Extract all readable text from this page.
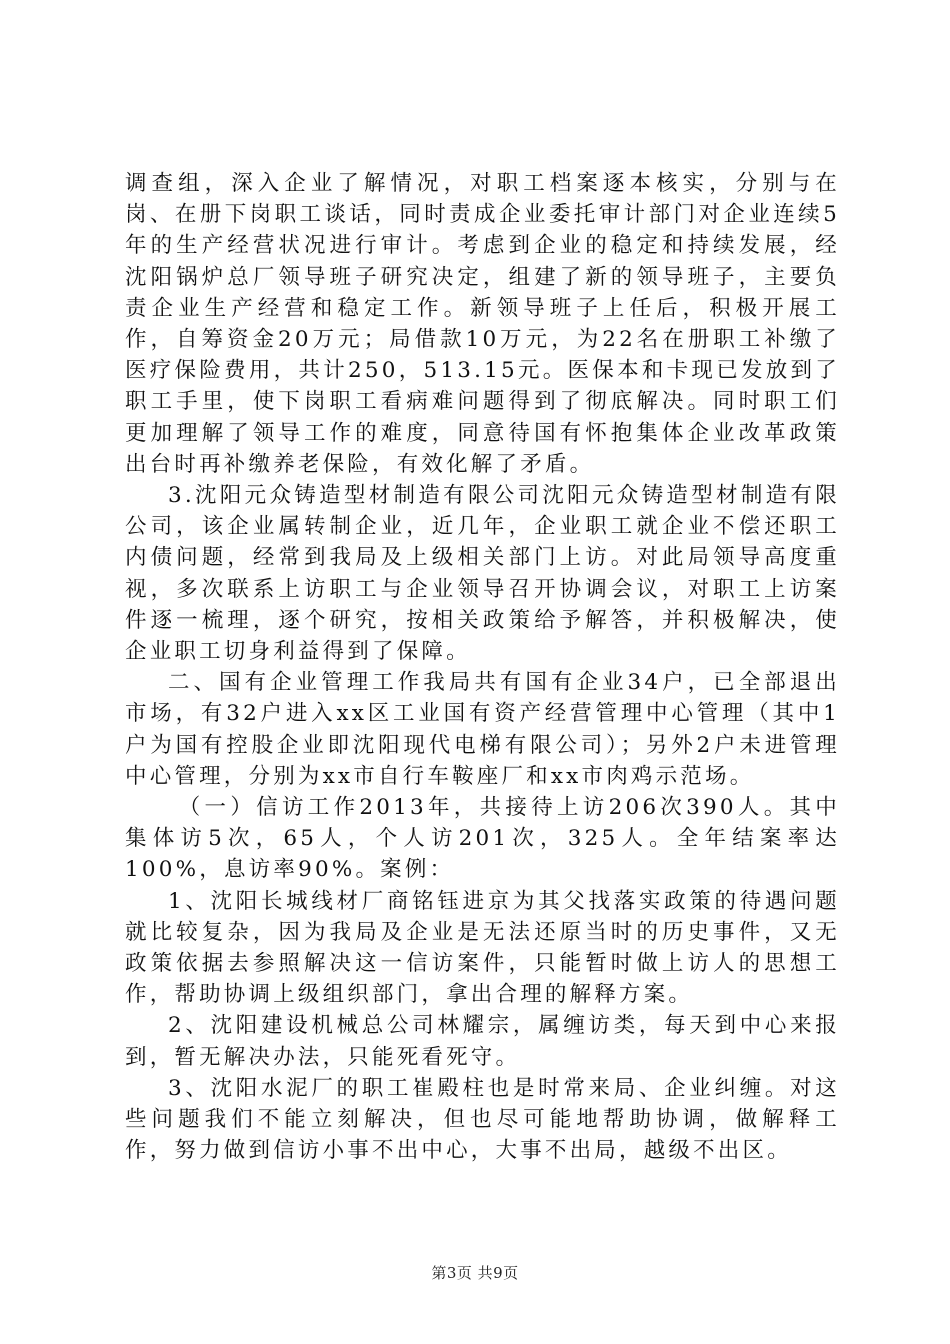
调查组，深入企业了解情况，对职工档案逐本核实，分别与在岗、在册下岗职工谈话，同时责成企业委托审计部门对企业连续5年的生产经营状况进行审计。考虑到企业的稳定和持续发展，经沈阳锅炉总厂领导班子研究决定，组建了新的领导班子，主要负责企业生产经营和稳定工作。新领导班子上任后，积极开展工作，自筹资金20万元；局借款10万元，为22名在册职工补缴了医疗保险费用，共计250，513.15元。医保本和卡现已发放到了职工手里，使下岗职工看病难问题得到了彻底解决。同时职工们更加理解了领导工作的难度，同意待国有怀抱集体企业改革政策出台时再补缴养老保险，有效化解了矛盾。

3.沈阳元众铸造型材制造有限公司沈阳元众铸造型材制造有限公司，该企业属转制企业，近几年，企业职工就企业不偿还职工内债问题，经常到我局及上级相关部门上访。对此局领导高度重视，多次联系上访职工与企业领导召开协调会议，对职工上访案件逐一梳理，逐个研究，按相关政策给予解答，并积极解决，使企业职工切身利益得到了保障。

二、国有企业管理工作我局共有国有企业34户，已全部退出市场，有32户进入xx区工业国有资产经营管理中心管理（其中1户为国有控股企业即沈阳现代电梯有限公司）；另外2户未进管理中心管理，分别为xx市自行车鞍座厂和xx市肉鸡示范场。

（一）信访工作2013年，共接待上访206次390人。其中集体访5次，65人，个人访201次，325人。全年结案率达100%，息访率90%。案例：

1、沈阳长城线材厂商铭钰进京为其父找落实政策的待遇问题就比较复杂，因为我局及企业是无法还原当时的历史事件，又无政策依据去参照解决这一信访案件，只能暂时做上访人的思想工作，帮助协调上级组织部门，拿出合理的解释方案。

2、沈阳建设机械总公司林耀宗，属缠访类，每天到中心来报到，暂无解决办法，只能死看死守。

3、沈阳水泥厂的职工崔殿柱也是时常来局、企业纠缠。对这些问题我们不能立刻解决，但也尽可能地帮助协调，做解释工作，努力做到信访小事不出中心，大事不出局，越级不出区。

第3页 共9页
